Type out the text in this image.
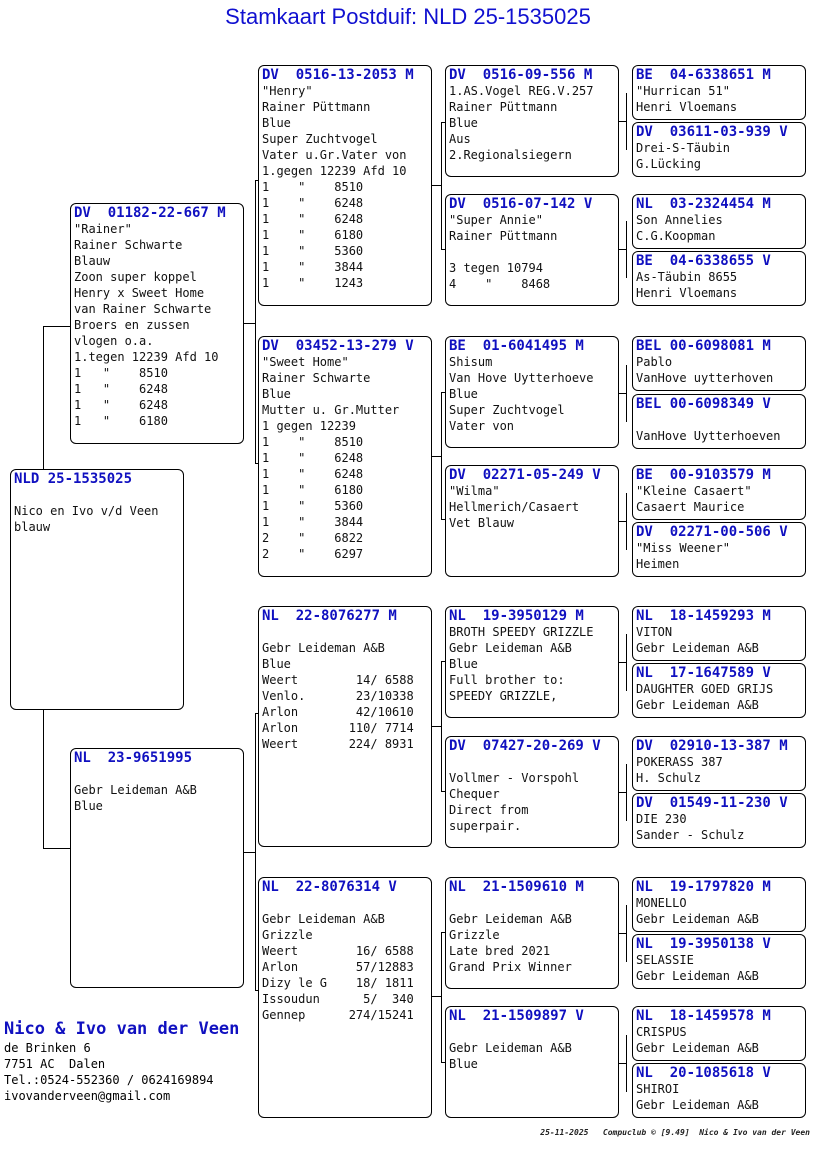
Stamkaart Postduif: NLD 25-1535025
NLD 25-1535025
Nico en Ivo v/d Veen
blauw
DV  01182-22-667 M
"Rainer"
Rainer Schwarte
Blauw
Zoon super koppel
Henry x Sweet Home
van Rainer Schwarte
Broers en zussen
vlogen o.a.
1.tegen 12239 Afd 10
1   "    8510
1   "    6248
1   "    6248
1   "    6180
NL  23-9651995
Gebr Leideman A&B
Blue
DV  0516-13-2053 M
"Henry"
Rainer Püttmann
Blue
Super Zuchtvogel
Vater u.Gr.Vater von
1.gegen 12239 Afd 10
1    "    8510
1    "    6248
1    "    6248
1    "    6180
1    "    5360
1    "    3844
1    "    1243
DV  03452-13-279 V
"Sweet Home"
Rainer Schwarte
Blue
Mutter u. Gr.Mutter
1 gegen 12239
1    "    8510
1    "    6248
1    "    6248
1    "    6180
1    "    5360
1    "    3844
2    "    6822
2    "    6297
NL  22-8076277 M
Gebr Leideman A&B
Blue
Weert        14/ 6588
Venlo.       23/10338
Arlon        42/10610
Arlon       110/ 7714
Weert       224/ 8931
NL  22-8076314 V
Gebr Leideman A&B
Grizzle
Weert        16/ 6588
Arlon        57/12883
Dizy le G    18/ 1811
Issoudun      5/  340
Gennep      274/15241
DV  0516-09-556 M
1.AS.Vogel REG.V.257
Rainer Püttmann
Blue
Aus
2.Regionalsiegern
DV  0516-07-142 V
"Super Annie"
Rainer Püttmann
3 tegen 10794
4    "    8468
BE  01-6041495 M
Shisum
Van Hove Uytterhoeve
Blue
Super Zuchtvogel
Vater von
DV  02271-05-249 V
"Wilma"
Hellmerich/Casaert
Vet Blauw
NL  19-3950129 M
BROTH SPEEDY GRIZZLE
Gebr Leideman A&B
Blue
Full brother to:
SPEEDY GRIZZLE,
DV  07427-20-269 V
Vollmer - Vorspohl
Chequer
Direct from
superpair.
NL  21-1509610 M
Gebr Leideman A&B
Grizzle
Late bred 2021
Grand Prix Winner
NL  21-1509897 V
Gebr Leideman A&B
Blue
BE  04-6338651 M
"Hurrican 51"
Henri Vloemans
DV  03611-03-939 V
Drei-S-Täubin
G.Lücking
NL  03-2324454 M
Son Annelies
C.G.Koopman
BE  04-6338655 V
As-Täubin 8655
Henri Vloemans
BEL 00-6098081 M
Pablo
VanHove uytterhoven
BEL 00-6098349 V
VanHove Uytterhoeven
BE  00-9103579 M
"Kleine Casaert"
Casaert Maurice
DV  02271-00-506 V
"Miss Weener"
Heimen
NL  18-1459293 M
VITON
Gebr Leideman A&B
NL  17-1647589 V
DAUGHTER GOED GRIJS
Gebr Leideman A&B
DV  02910-13-387 M
POKERASS 387
H. Schulz
DV  01549-11-230 V
DIE 230
Sander - Schulz
NL  19-1797820 M
MONELLO
Gebr Leideman A&B
NL  19-3950138 V
SELASSIE
Gebr Leideman A&B
NL  18-1459578 M
CRISPUS
Gebr Leideman A&B
NL  20-1085618 V
SHIROI
Gebr Leideman A&B
Nico & Ivo van der Veen
de Brinken 6
7751 AC  Dalen
Tel.:0524-552360 / 0624169894
ivovanderveen@gmail.com
25-11-2025   Compuclub © [9.49]  Nico & Ivo van der Veen
